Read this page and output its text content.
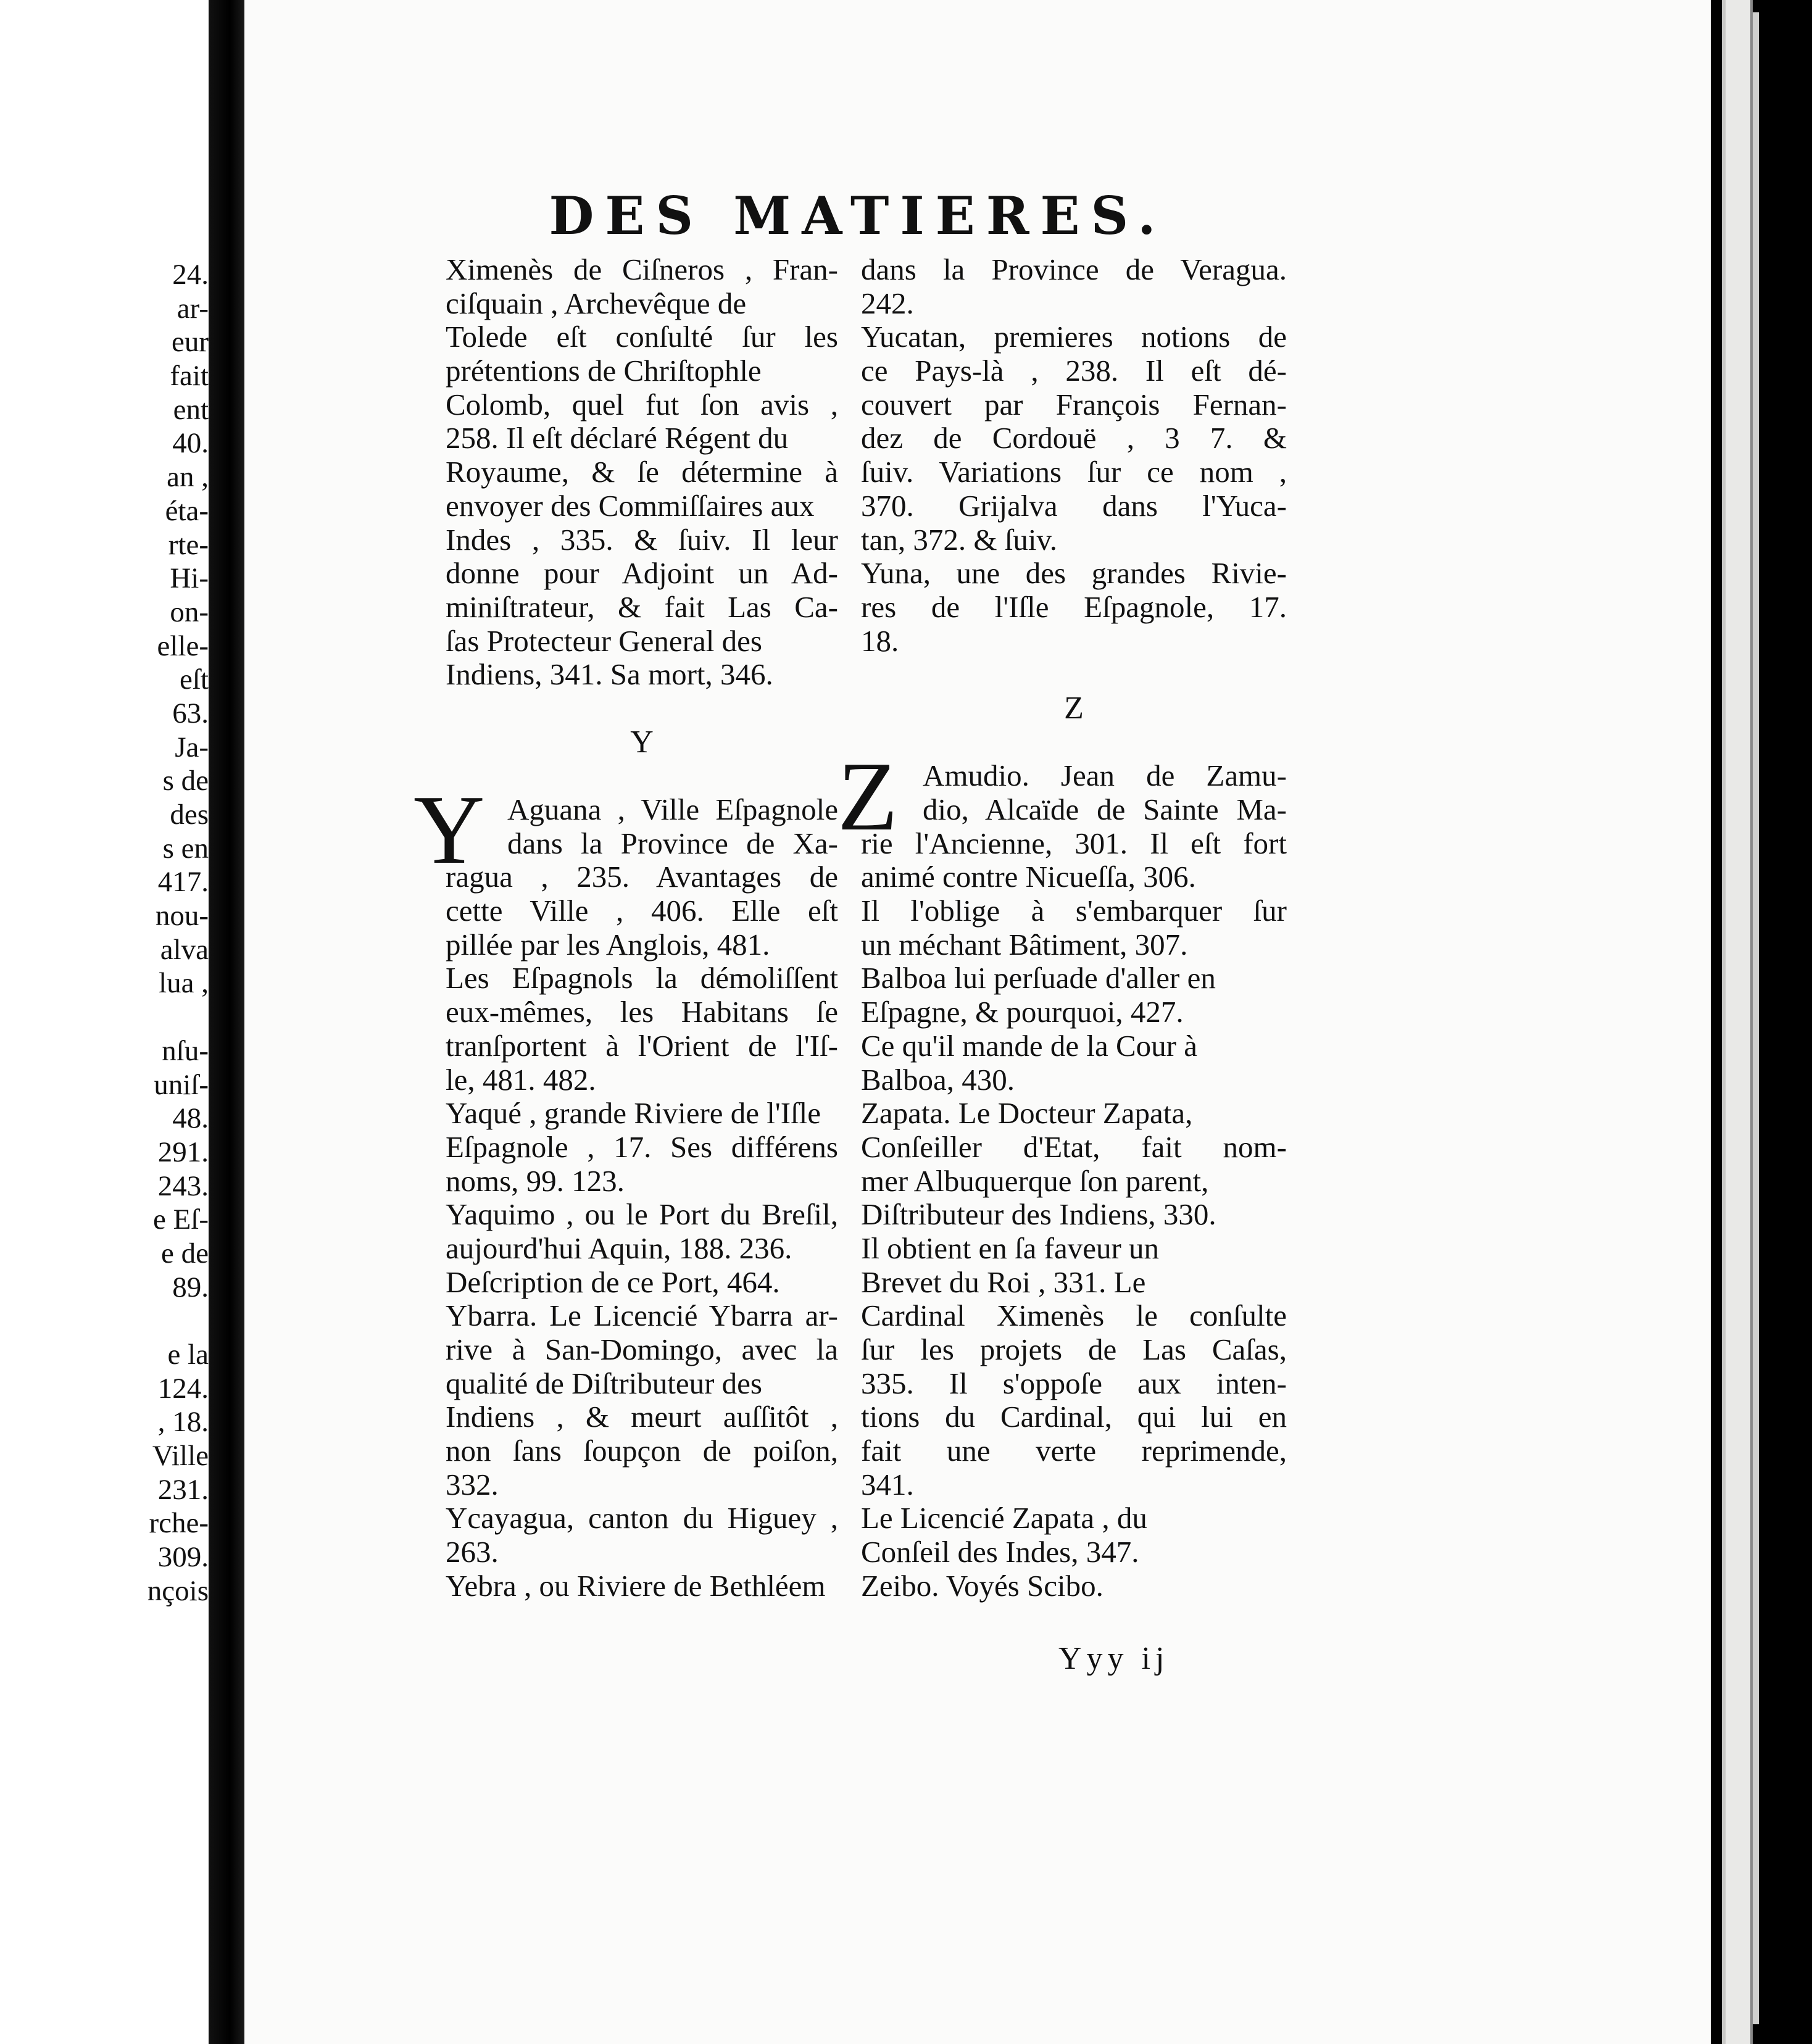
24.
ar-
eur
fait
ent
40.
an ,
éta-
rte-
Hi-
on-
elle-
eſt
63.
Ja-
s de
des
s en
417.
nou-
alva
lua ,
nſu-
uniſ-
48.
291.
243.
e Eſ-
e de
89.
e la
124.
, 18.
Ville
231.
rche-
309.
nçois
DES MATIERES.
Y
Ximenès de Ciſneros , Fran-
ciſquain , Archevêque de
Tolede eſt conſulté ſur les
prétentions de Chriſtophle
Colomb, quel fut ſon avis ,
258. Il eſt déclaré Régent du
Royaume, & ſe détermine à
envoyer des Commiſſaires aux
Indes , 335. & ſuiv. Il leur
donne pour Adjoint un Ad-
miniſtrateur, & fait Las Ca-
ſas Protecteur General des
Indiens, 341. Sa mort, 346.
Y
Aguana , Ville Eſpagnole
dans la Province de Xa-
ragua , 235. Avantages de
cette Ville , 406. Elle eſt
pillée par les Anglois, 481.
Les Eſpagnols la démoliſſent
eux-mêmes, les Habitans ſe
tranſportent à l'Orient de l'Iſ-
le, 481. 482.
Yaqué , grande Riviere de l'Iſle
Eſpagnole , 17. Ses différens
noms, 99. 123.
Yaquimo , ou le Port du Breſil,
aujourd'hui Aquin, 188. 236.
Deſcription de ce Port, 464.
Ybarra. Le Licencié Ybarra ar-
rive à San-Domingo, avec la
qualité de Diſtributeur des
Indiens , & meurt auſſitôt ,
non ſans ſoupçon de poiſon,
332.
Ycayagua, canton du Higuey ,
263.
Yebra , ou Riviere de Bethléem
Z
dans la Province de Veragua.
242.
Yucatan, premieres notions de
ce Pays-là , 238. Il eſt dé-
couvert par François Fernan-
dez de Cordouë , 3 7. &
ſuiv. Variations ſur ce nom ,
370. Grijalva dans l'Yuca-
tan, 372. & ſuiv.
Yuna, une des grandes Rivie-
res de l'Iſle Eſpagnole, 17.
18.
Z
Amudio. Jean de Zamu-
dio, Alcaïde de Sainte Ma-
rie l'Ancienne, 301. Il eſt fort
animé contre Nicueſſa, 306.
Il l'oblige à s'embarquer ſur
un méchant Bâtiment, 307.
Balboa lui perſuade d'aller en
Eſpagne, & pourquoi, 427.
Ce qu'il mande de la Cour à
Balboa, 430.
Zapata. Le Docteur Zapata,
Conſeiller d'Etat, fait nom-
mer Albuquerque ſon parent,
Diſtributeur des Indiens, 330.
Il obtient en ſa faveur un
Brevet du Roi , 331. Le
Cardinal Ximenès le conſulte
ſur les projets de Las Caſas,
335. Il s'oppoſe aux inten-
tions du Cardinal, qui lui en
fait une verte reprimende,
341.
Le Licencié Zapata , du
Conſeil des Indes, 347.
Zeibo. Voyés Scibo.
Yyy ij
